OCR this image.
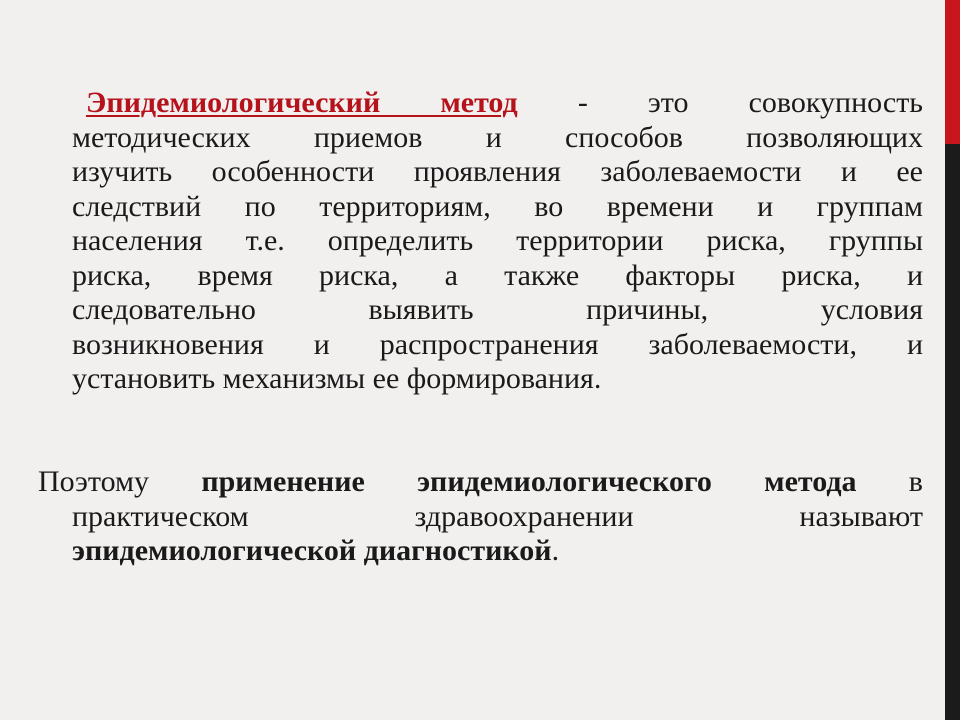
Эпидемиологический метод - это совокупность
методических приемов и способов позволяющих
изучить особенности проявления заболеваемости и ее
следствий по территориям, во времени и группам
населения т.е. определить территории риска, группы
риска, время риска, а также факторы риска, и
следовательно выявить причины, условия
возникновения и распространения заболеваемости, и
установить механизмы ее формирования.
Поэтому применение эпидемиологического метода в
практическом здравоохранении называют
эпидемиологической диагностикой.
